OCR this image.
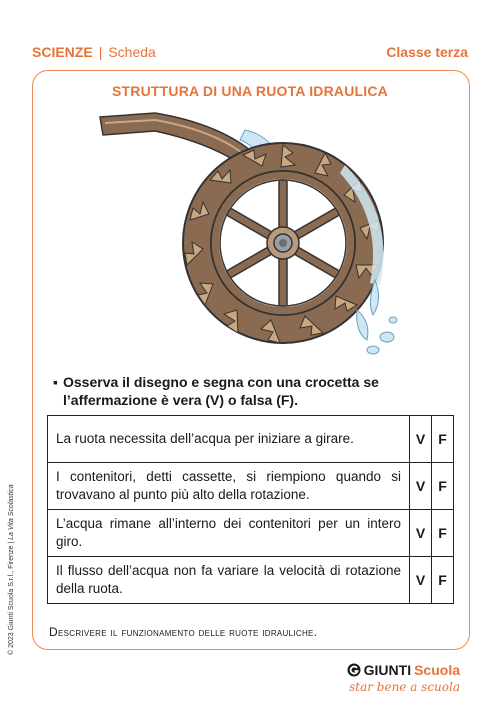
SCIENZE | Scheda	Classe terza
STRUTTURA DI UNA RUOTA IDRAULICA
▪ Osserva il disegno e segna con una crocetta se l’affermazione è vera (V) o falsa (F).
La ruota necessita dell’acqua per iniziare a girare.	V	F
I contenitori, detti cassette, si riempiono quando si trovavano al punto più alto della rotazione.	V	F
L’acqua rimane all’interno dei contenitori per un intero giro.	V	F
Il flusso dell’acqua non fa variare la velocità di rotazione della ruota.	V	F
Descrivere il funzionamento delle ruote idrauliche.
© 2023 Giunti Scuola S.r.l., Firenze | La Vita Scolastica
GIUNTI Scuola
star bene a scuola
